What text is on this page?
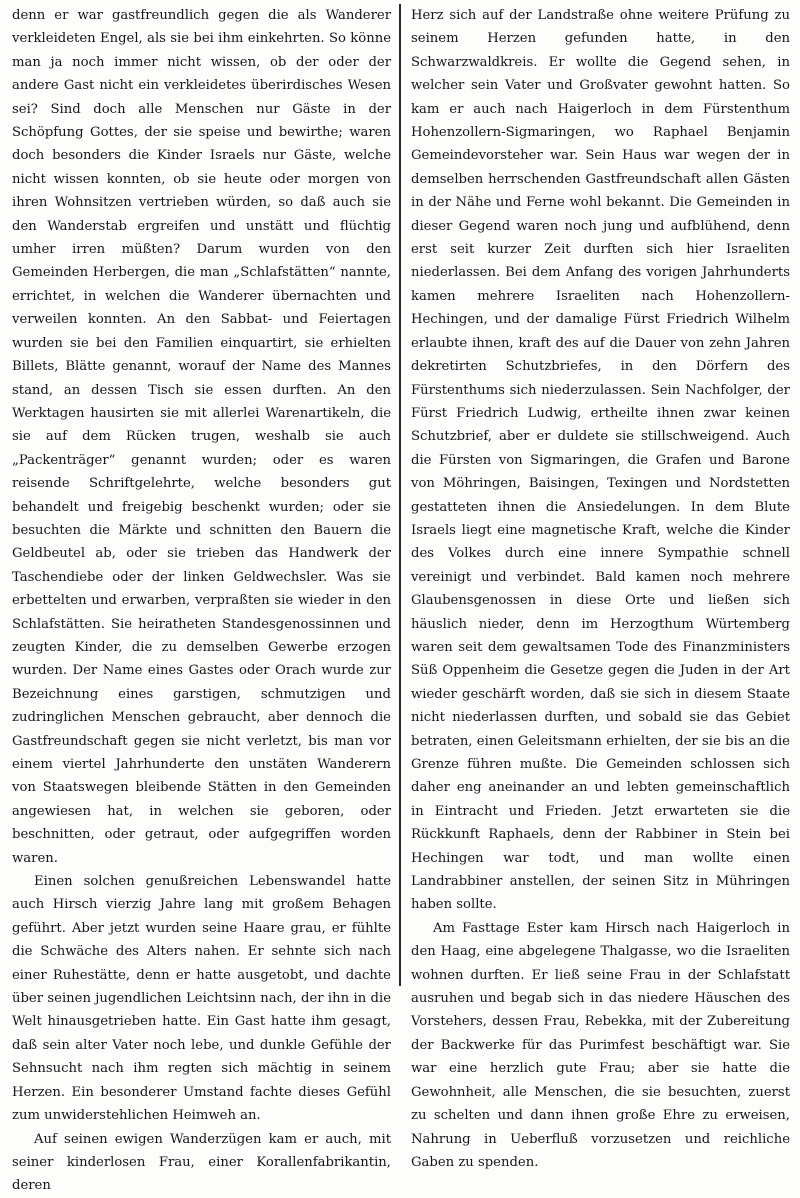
denn er war gastfreundlich gegen die als Wanderer verkleideten Engel, als sie bei ihm einkehrten. So könne man ja noch immer nicht wissen, ob der oder der andere Gast nicht ein verkleidetes überirdisches Wesen sei? Sind doch alle Menschen nur Gäste in der Schöpfung Gottes, der sie speise und bewirthe; waren doch besonders die Kinder Israels nur Gäste, welche nicht wissen konnten, ob sie heute oder morgen von ihren Wohnsitzen vertrieben würden, so daß auch sie den Wanderstab ergreifen und unstätt und flüchtig umher irren müßten? Darum wurden von den Gemeinden Herbergen, die man „Schlafstätten“ nannte, errichtet, in welchen die Wanderer übernachten und verweilen konnten. An den Sabbat- und Feiertagen wurden sie bei den Familien einquartirt, sie erhielten Billets, Blätte genannt, worauf der Name des Mannes stand, an dessen Tisch sie essen durften. An den Werktagen hausirten sie mit allerlei Warenartikeln, die sie auf dem Rücken trugen, weshalb sie auch „Packenträger“ genannt wurden; oder es waren reisende Schriftgelehrte, welche besonders gut behandelt und freigebig beschenkt wurden; oder sie besuchten die Märkte und schnitten den Bauern die Geldbeutel ab, oder sie trieben das Handwerk der Taschendiebe oder der linken Geldwechsler. Was sie erbettelten und erwarben, verpraßten sie wieder in den Schlafstätten. Sie heiratheten Standesgenossinnen und zeugten Kinder, die zu demselben Gewerbe erzogen wurden. Der Name eines Gastes oder Orach wurde zur Bezeichnung eines garstigen, schmutzigen und zudringlichen Menschen gebraucht, aber dennoch die Gastfreundschaft gegen sie nicht verletzt, bis man vor einem viertel Jahrhunderte den unstäten Wanderern von Staatswegen bleibende Stätten in den Gemeinden angewiesen hat, in welchen sie geboren, oder beschnitten, oder getraut, oder aufgegriffen worden waren.

Einen solchen genußreichen Lebenswandel hatte auch Hirsch vierzig Jahre lang mit großem Behagen geführt. Aber jetzt wurden seine Haare grau, er fühlte die Schwäche des Alters nahen. Er sehnte sich nach einer Ruhestätte, denn er hatte ausgetobt, und dachte über seinen jugendlichen Leichtsinn nach, der ihn in die Welt hinausgetrieben hatte. Ein Gast hatte ihm gesagt, daß sein alter Vater noch lebe, und dunkle Gefühle der Sehnsucht nach ihm regten sich mächtig in seinem Herzen. Ein besonderer Umstand fachte dieses Gefühl zum unwiderstehlichen Heimweh an.

Auf seinen ewigen Wanderzügen kam er auch, mit seiner kinderlosen Frau, einer Korallenfabrikantin, deren

Herz sich auf der Landstraße ohne weitere Prüfung zu seinem Herzen gefunden hatte, in den Schwarzwaldkreis. Er wollte die Gegend sehen, in welcher sein Vater und Großvater gewohnt hatten. So kam er auch nach Haigerloch in dem Fürstenthum Hohenzollern-Sigmaringen, wo Raphael Benjamin Gemeindevorsteher war. Sein Haus war wegen der in demselben herrschenden Gastfreundschaft allen Gästen in der Nähe und Ferne wohl bekannt. Die Gemeinden in dieser Gegend waren noch jung und aufblühend, denn erst seit kurzer Zeit durften sich hier Israeliten niederlassen. Bei dem Anfang des vorigen Jahrhunderts kamen mehrere Israeliten nach Hohenzollern-Hechingen, und der damalige Fürst Friedrich Wilhelm erlaubte ihnen, kraft des auf die Dauer von zehn Jahren dekretirten Schutzbriefes, in den Dörfern des Fürstenthums sich niederzulassen. Sein Nachfolger, der Fürst Friedrich Ludwig, ertheilte ihnen zwar keinen Schutzbrief, aber er duldete sie stillschweigend. Auch die Fürsten von Sigmaringen, die Grafen und Barone von Möhringen, Baisingen, Texingen und Nordstetten gestatteten ihnen die Ansiedelungen. In dem Blute Israels liegt eine magnetische Kraft, welche die Kinder des Volkes durch eine innere Sympathie schnell vereinigt und verbindet. Bald kamen noch mehrere Glaubensgenossen in diese Orte und ließen sich häuslich nieder, denn im Herzogthum Würtemberg waren seit dem gewaltsamen Tode des Finanzministers Süß Oppenheim die Gesetze gegen die Juden in der Art wieder geschärft worden, daß sie sich in diesem Staate nicht niederlassen durften, und sobald sie das Gebiet betraten, einen Geleitsmann erhielten, der sie bis an die Grenze führen mußte. Die Gemeinden schlossen sich daher eng aneinander an und lebten gemeinschaftlich in Eintracht und Frieden. Jetzt erwarteten sie die Rückkunft Raphaels, denn der Rabbiner in Stein bei Hechingen war todt, und man wollte einen Landrabbiner anstellen, der seinen Sitz in Mühringen haben sollte.

Am Fasttage Ester kam Hirsch nach Haigerloch in den Haag, eine abgelegene Thalgasse, wo die Israeliten wohnen durften. Er ließ seine Frau in der Schlafstatt ausruhen und begab sich in das niedere Häuschen des Vorstehers, dessen Frau, Rebekka, mit der Zubereitung der Backwerke für das Purimfest beschäftigt war. Sie war eine herzlich gute Frau; aber sie hatte die Gewohnheit, alle Menschen, die sie besuchten, zuerst zu schelten und dann ihnen große Ehre zu erweisen, Nahrung in Ueberfluß vorzusetzen und reichliche Gaben zu spenden.
